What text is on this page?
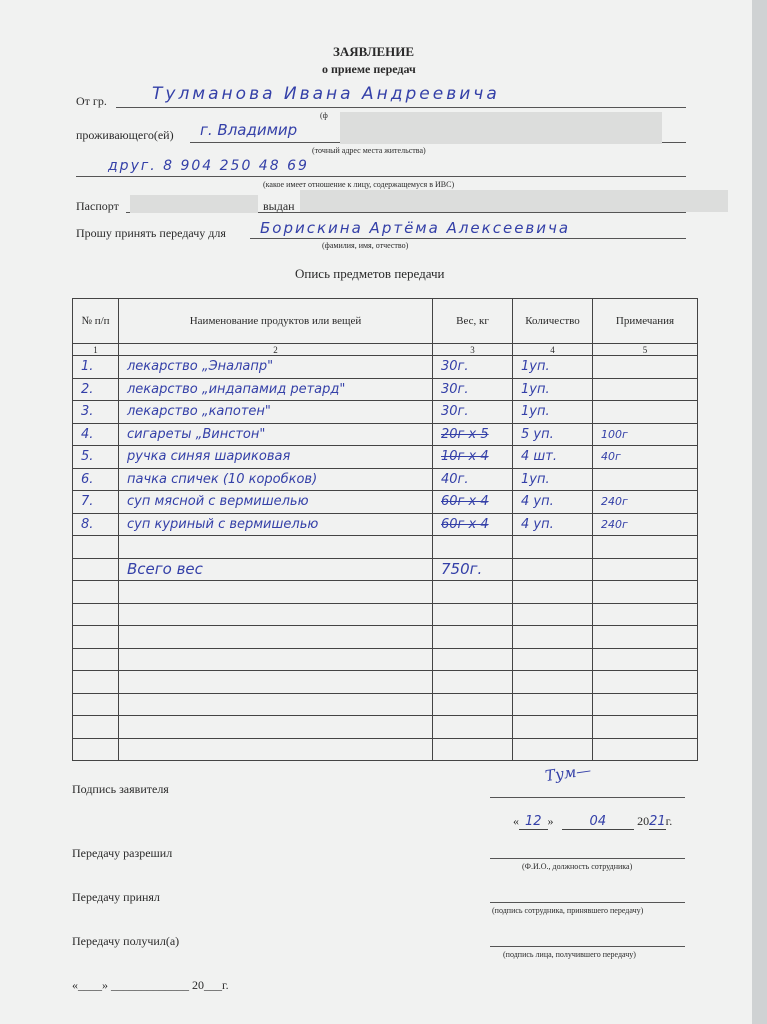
ЗАЯВЛЕНИЕ
о приеме передач
От гр.	Тулманова Ивана Андреевича
(ф
проживающего(ей) г. Владимир
(точный адрес места жительства)
друг. 8 904 250 48 69
(какое имеет отношение к лицу, содержащемуся в ИВС)
Паспорт	выдан
Прошу принять передачу для Борискина Артёма Алексеевича
(фамилия, имя, отчество)
Опись предметов передачи
№ п/п	Наименование продуктов или вещей	Вес, кг	Количество	Примечания
1	2	3	4	5
1.	лекарство „Эналапр"	30г.	1уп.	
2.	лекарство „индапамид ретард"	30г.	1уп.	
3.	лекарство „капотен"	30г.	1уп.	
4.	сигареты „Винстон"	20г х 5	5 уп.	100г
5.	ручка синяя шариковая	10г х 4	4 шт.	40г
6.	пачка спичек (10 коробков)	40г.	1уп.	
7.	суп мясной с вермишелью	60г х 4	4 уп.	240г
8.	суп куриный с вермишелью	60г х 4	4 уп.	240г

	Всего вес	750г.		

Подпись заявителя
Тум—
« 12 »	04 2021г.
Передачу разрешил
(Ф.И.О., должность сотрудника)
Передачу принял
(подпись сотрудника, принявшего передачу)
Передачу получил(а)
(подпись лица, получившего передачу)
«____» _____________ 20___г.
